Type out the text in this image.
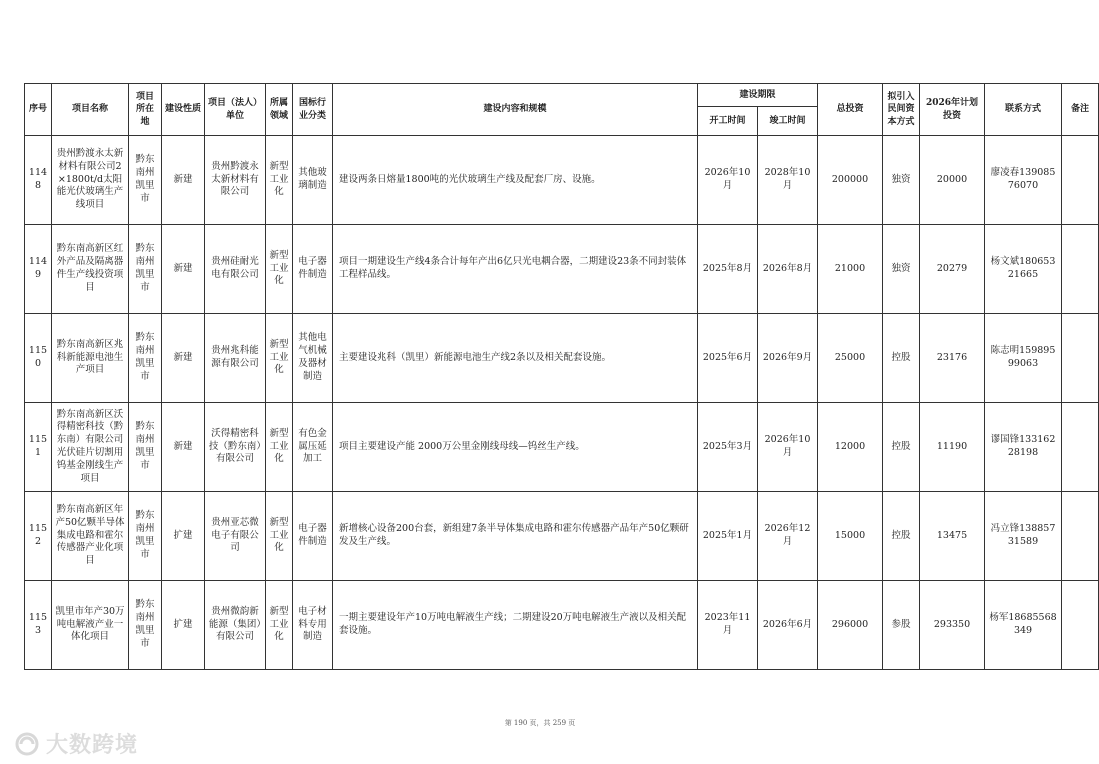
序号	项目名称	项目所在地	建设性质	项目（法人）单位	所属领域	国标行业分类	建设内容和规模	建设期限		总投资	拟引入民间资本方式	2026年计划投资	联系方式	备注
								开工时间	竣工时间					
1148	贵州黔渡永太新材料有限公司2×1800t/d太阳能光伏玻璃生产线项目	黔东南州凯里市	新建	贵州黔渡永太新材料有限公司	新型工业化	其他玻璃制造	建设两条日熔量1800吨的光伏玻璃生产线及配套厂房、设施。	2026年10月	2028年10月	200000	独资	20000	廖凌春13908576070	
1149	黔东南高新区红外产品及隔离器件生产线投资项目	黔东南州凯里市	新建	贵州硅耐光电有限公司	新型工业化	电子器件制造	项目一期建设生产线4条合计每年产出6亿只光电耦合器，二期建设23条不同封装体工程样品线。	2025年8月	2026年8月	21000	独资	20279	杨文斌18065321665	
1150	黔东南高新区兆科新能源电池生产项目	黔东南州凯里市	新建	贵州兆科能源有限公司	新型工业化	其他电气机械及器材制造	主要建设兆科（凯里）新能源电池生产线2条以及相关配套设施。	2025年6月	2026年9月	25000	控股	23176	陈志明15989599063	
1151	黔东南高新区沃得精密科技（黔东南）有限公司光伏硅片切割用钨基金刚线生产项目	黔东南州凯里市	新建	沃得精密科技（黔东南）有限公司	新型工业化	有色金属压延加工	项目主要建设产能 2000万公里金刚线母线—钨丝生产线。	2025年3月	2026年10月	12000	控股	11190	谬国锋13316228198	
1152	黔东南高新区年产50亿颗半导体集成电路和霍尔传感器产业化项目	黔东南州凯里市	扩建	贵州亚芯微电子有限公司	新型工业化	电子器件制造	新增核心设备200台套，新组建7条半导体集成电路和霍尔传感器产品年产50亿颗研发及生产线。	2025年1月	2026年12月	15000	控股	13475	冯立锋13885731589	
1153	凯里市年产30万吨电解液产业一体化项目	黔东南州凯里市	扩建	贵州微韵新能源（集团）有限公司	新型工业化	电子材料专用制造	一期主要建设年产10万吨电解液生产线；二期建设20万吨电解液生产液以及相关配套设施。	2023年11月	2026年6月	296000	参股	293350	杨军18685568349	
第 190 页，共 259 页
大数跨境
